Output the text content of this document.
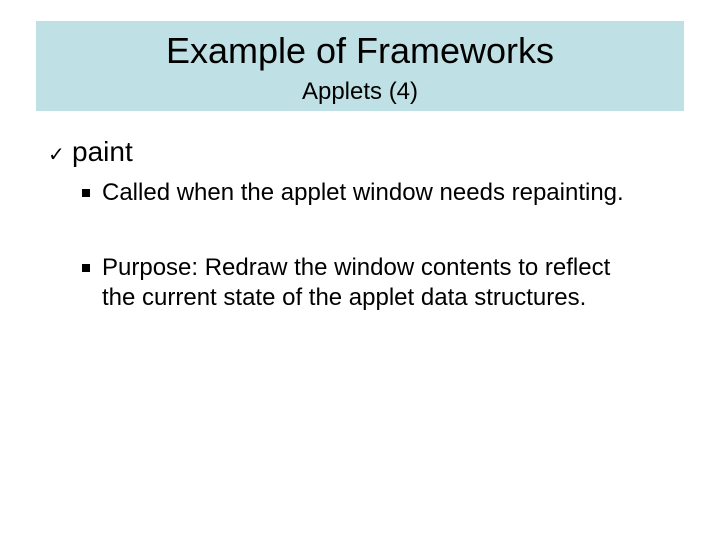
Example of Frameworks
Applets (4)
✓ paint
Called when the applet window needs repainting.
Purpose: Redraw the window contents to reflect the current state of the applet data structures.
